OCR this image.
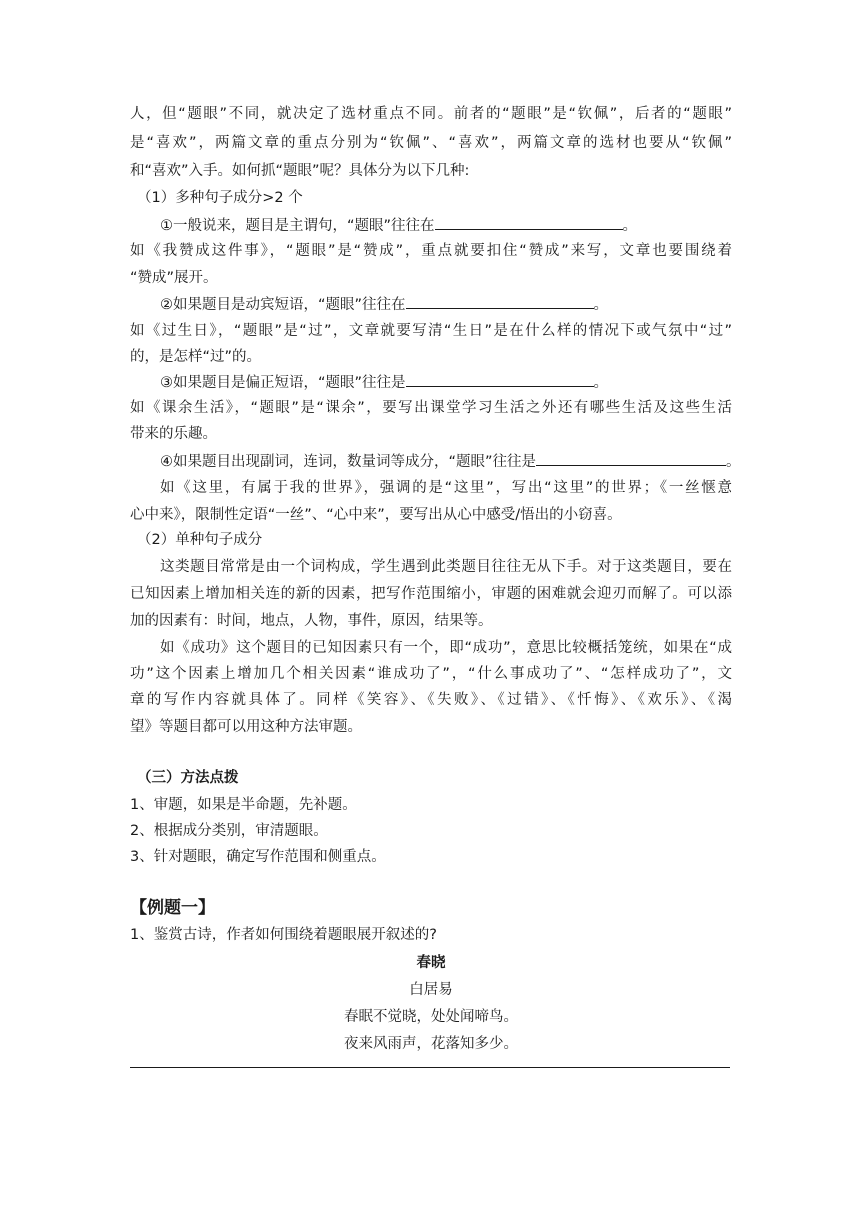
人，但“题眼”不同，就决定了选材重点不同。前者的“题眼”是“钦佩”，后者的“题眼”
是“喜欢”，两篇文章的重点分别为“钦佩”、“喜欢”，两篇文章的选材也要从“钦佩”
和“喜欢”入手。如何抓“题眼”呢？具体分为以下几种:
（1）多种句子成分>2 个
①一般说来，题目是主谓句，“题眼”往往在	。
如《我赞成这件事》，“题眼”是“赞成”，重点就要扣住“赞成”来写，文章也要围绕着
“赞成”展开。
②如果题目是动宾短语，“题眼”往往在	。
如《过生日》，“题眼”是“过”，文章就要写清“生日”是在什么样的情况下或气氛中“过”
的，是怎样“过”的。
③如果题目是偏正短语，“题眼”往往是	。
如《课余生活》，“题眼”是“课余”，要写出课堂学习生活之外还有哪些生活及这些生活
带来的乐趣。
④如果题目出现副词，连词，数量词等成分，“题眼”往往是	。
如《这里，有属于我的世界》，强调的是“这里”，写出“这里”的世界；《一丝惬意
心中来》，限制性定语“一丝”、“心中来”，要写出从心中感受/悟出的小窃喜。
（2）单种句子成分
这类题目常常是由一个词构成，学生遇到此类题目往往无从下手。对于这类题目，要在
已知因素上增加相关连的新的因素，把写作范围缩小，审题的困难就会迎刃而解了。可以添
加的因素有：时间，地点，人物，事件，原因，结果等。
如《成功》这个题目的已知因素只有一个，即“成功”，意思比较概括笼统，如果在“成
功”这个因素上增加几个相关因素“谁成功了”，“什么事成功了”、“怎样成功了”，文
章的写作内容就具体了。同样《笑容》、《失败》、《过错》、《忏悔》、《欢乐》、《渴
望》等题目都可以用这种方法审题。
（三）方法点拨
1、审题，如果是半命题，先补题。
2、根据成分类别，审清题眼。
3、针对题眼，确定写作范围和侧重点。
【例题一】
1、鉴赏古诗，作者如何围绕着题眼展开叙述的?
春晓
白居易
春眠不觉晓，处处闻啼鸟。
夜来风雨声，花落知多少。
